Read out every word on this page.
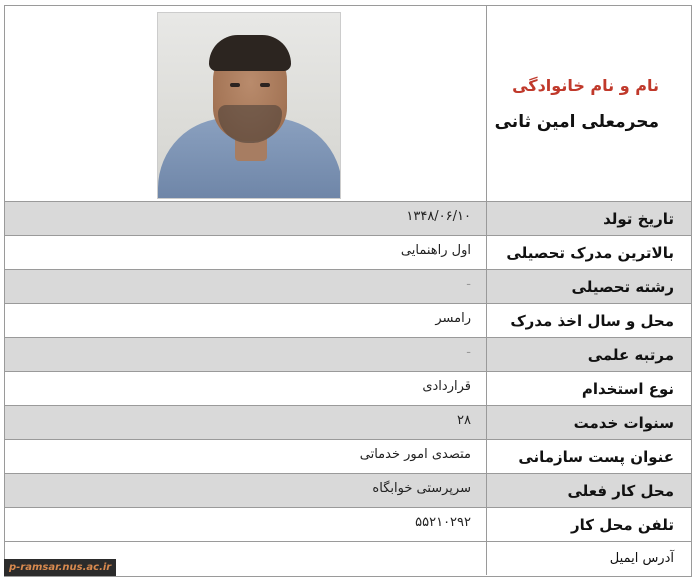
نام و نام خانوادگی
محرمعلی امین ثانی
تاریخ تولد
۱۳۴۸/۰۶/۱۰
بالاترین مدرک تحصیلی
اول راهنمایی
رشته تحصیلی
-
محل و سال اخذ مدرک
رامسر
مرتبه علمی
-
نوع استخدام
قراردادی
سنوات خدمت
۲۸
عنوان پست سازمانی
متصدی امور خدماتی
محل کار فعلی
سرپرستی خوابگاه
تلفن محل کار
۵۵۲۱۰۲۹۲
آدرس ایمیل
p-ramsar.nus.ac.ir
